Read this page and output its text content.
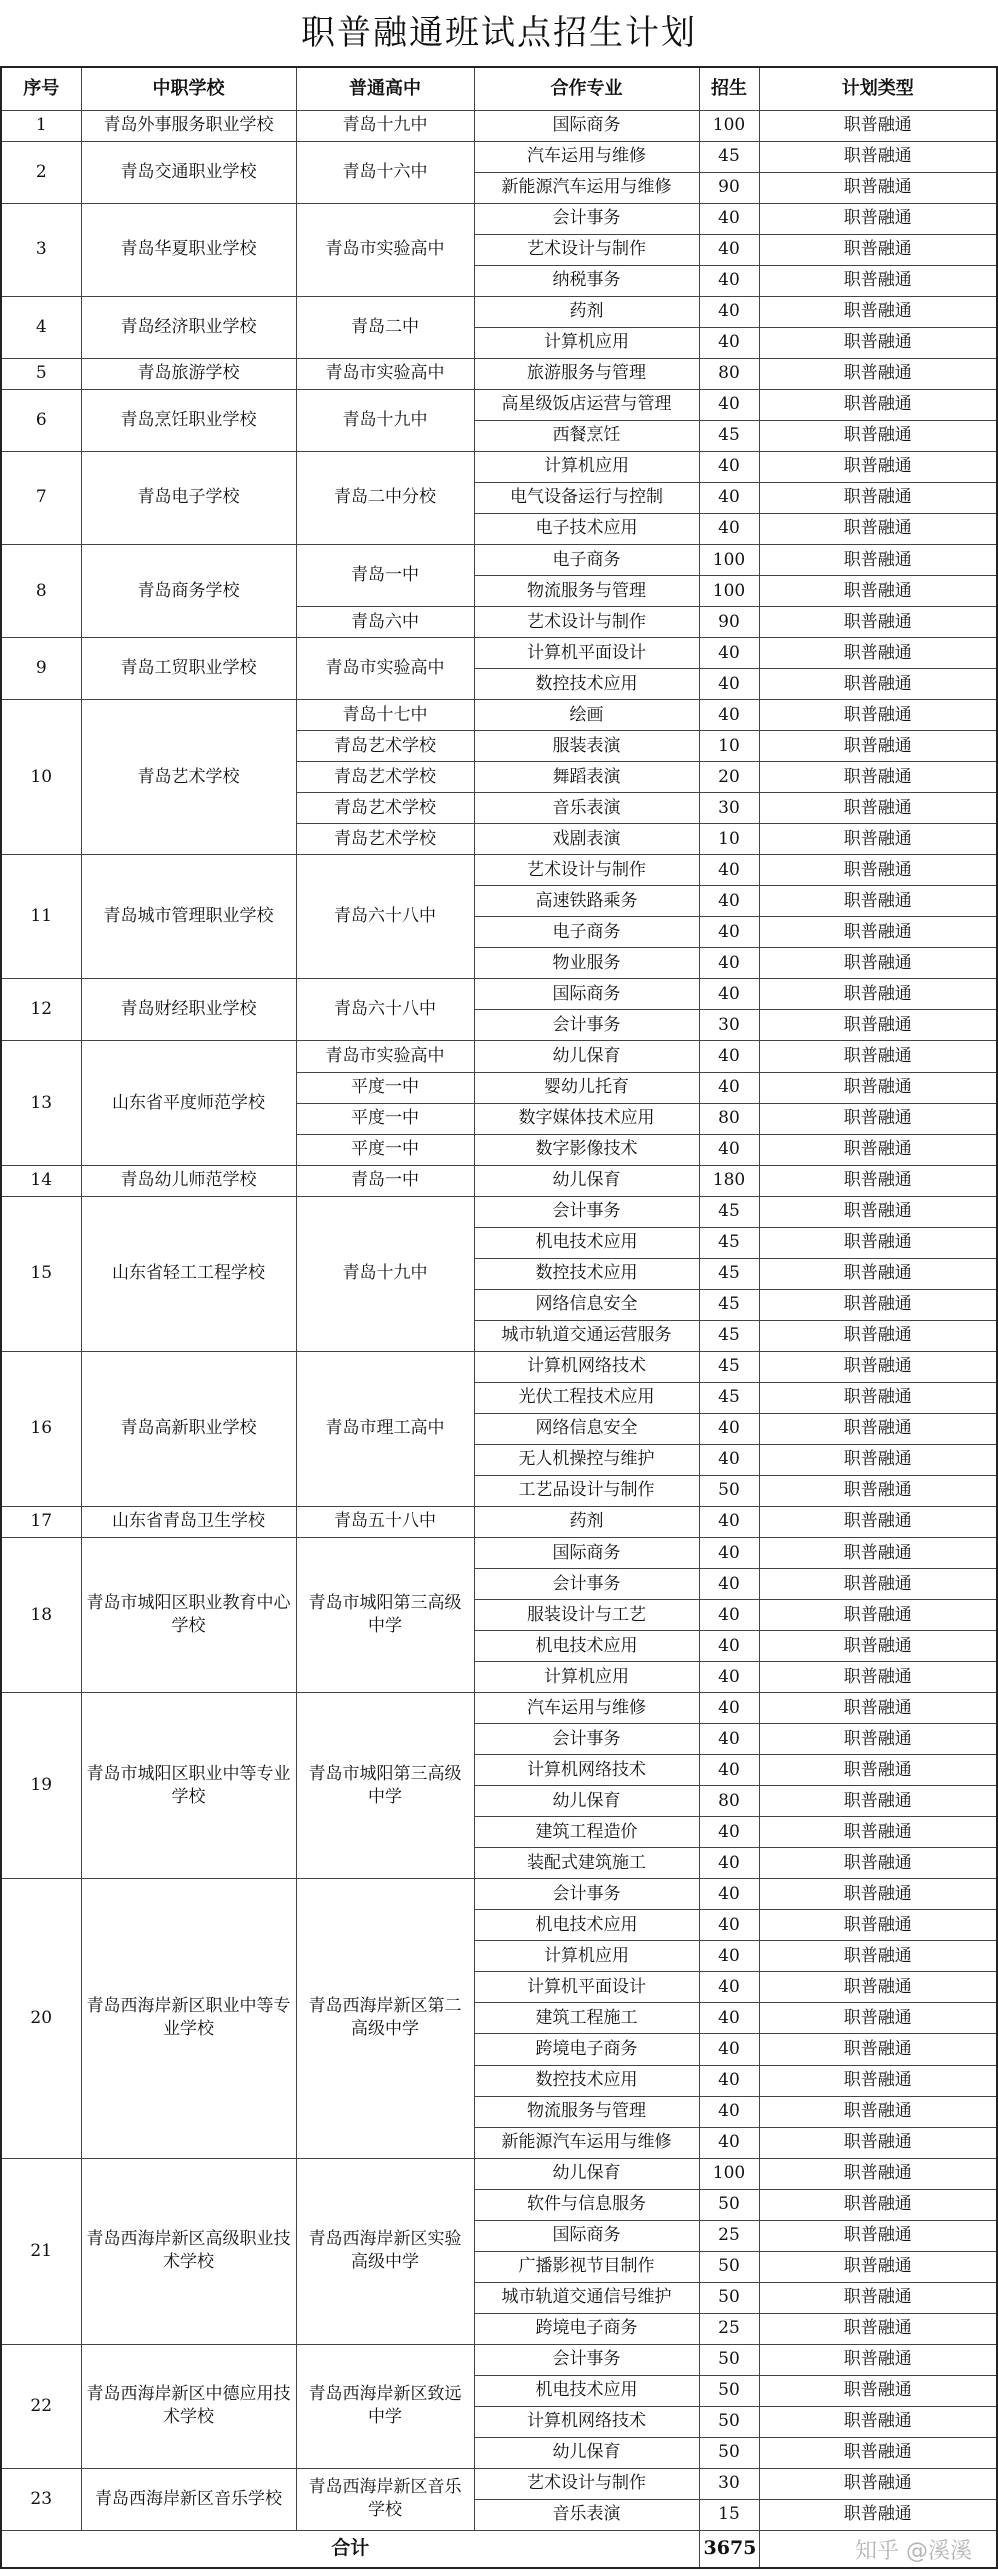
职普融通班试点招生计划
序号	中职学校	普通高中	合作专业	招生	计划类型
1	青岛外事服务职业学校	青岛十九中	国际商务	100	职普融通
2	青岛交通职业学校	青岛十六中	汽车运用与维修	45	职普融通
			新能源汽车运用与维修	90	职普融通
3	青岛华夏职业学校	青岛市实验高中	会计事务	40	职普融通
			艺术设计与制作	40	职普融通
			纳税事务	40	职普融通
4	青岛经济职业学校	青岛二中	药剂	40	职普融通
			计算机应用	40	职普融通
5	青岛旅游学校	青岛市实验高中	旅游服务与管理	80	职普融通
6	青岛烹饪职业学校	青岛十九中	高星级饭店运营与管理	40	职普融通
			西餐烹饪	45	职普融通
7	青岛电子学校	青岛二中分校	计算机应用	40	职普融通
			电气设备运行与控制	40	职普融通
			电子技术应用	40	职普融通
8	青岛商务学校	青岛一中	电子商务	100	职普融通
			物流服务与管理	100	职普融通
		青岛六中	艺术设计与制作	90	职普融通
9	青岛工贸职业学校	青岛市实验高中	计算机平面设计	40	职普融通
			数控技术应用	40	职普融通
10	青岛艺术学校	青岛十七中	绘画	40	职普融通
		青岛艺术学校	服装表演	10	职普融通
		青岛艺术学校	舞蹈表演	20	职普融通
		青岛艺术学校	音乐表演	30	职普融通
		青岛艺术学校	戏剧表演	10	职普融通
11	青岛城市管理职业学校	青岛六十八中	艺术设计与制作	40	职普融通
			高速铁路乘务	40	职普融通
			电子商务	40	职普融通
			物业服务	40	职普融通
12	青岛财经职业学校	青岛六十八中	国际商务	40	职普融通
			会计事务	30	职普融通
13	山东省平度师范学校	青岛市实验高中	幼儿保育	40	职普融通
		平度一中	婴幼儿托育	40	职普融通
		平度一中	数字媒体技术应用	80	职普融通
		平度一中	数字影像技术	40	职普融通
14	青岛幼儿师范学校	青岛一中	幼儿保育	180	职普融通
15	山东省轻工工程学校	青岛十九中	会计事务	45	职普融通
			机电技术应用	45	职普融通
			数控技术应用	45	职普融通
			网络信息安全	45	职普融通
			城市轨道交通运营服务	45	职普融通
16	青岛高新职业学校	青岛市理工高中	计算机网络技术	45	职普融通
			光伏工程技术应用	45	职普融通
			网络信息安全	40	职普融通
			无人机操控与维护	40	职普融通
			工艺品设计与制作	50	职普融通
17	山东省青岛卫生学校	青岛五十八中	药剂	40	职普融通
18	青岛市城阳区职业教育中心学校	青岛市城阳第三高级中学	国际商务	40	职普融通
			会计事务	40	职普融通
			服装设计与工艺	40	职普融通
			机电技术应用	40	职普融通
			计算机应用	40	职普融通
19	青岛市城阳区职业中等专业学校	青岛市城阳第三高级中学	汽车运用与维修	40	职普融通
			会计事务	40	职普融通
			计算机网络技术	40	职普融通
			幼儿保育	80	职普融通
			建筑工程造价	40	职普融通
			装配式建筑施工	40	职普融通
20	青岛西海岸新区职业中等专业学校	青岛西海岸新区第二高级中学	会计事务	40	职普融通
			机电技术应用	40	职普融通
			计算机应用	40	职普融通
			计算机平面设计	40	职普融通
			建筑工程施工	40	职普融通
			跨境电子商务	40	职普融通
			数控技术应用	40	职普融通
			物流服务与管理	40	职普融通
			新能源汽车运用与维修	40	职普融通
21	青岛西海岸新区高级职业技术学校	青岛西海岸新区实验高级中学	幼儿保育	100	职普融通
			软件与信息服务	50	职普融通
			国际商务	25	职普融通
			广播影视节目制作	50	职普融通
			城市轨道交通信号维护	50	职普融通
			跨境电子商务	25	职普融通
22	青岛西海岸新区中德应用技术学校	青岛西海岸新区致远中学	会计事务	50	职普融通
			机电技术应用	50	职普融通
			计算机网络技术	50	职普融通
			幼儿保育	50	职普融通
23	青岛西海岸新区音乐学校	青岛西海岸新区音乐学校	艺术设计与制作	30	职普融通
			音乐表演	15	职普融通
合计				3675		知乎 @溪溪
